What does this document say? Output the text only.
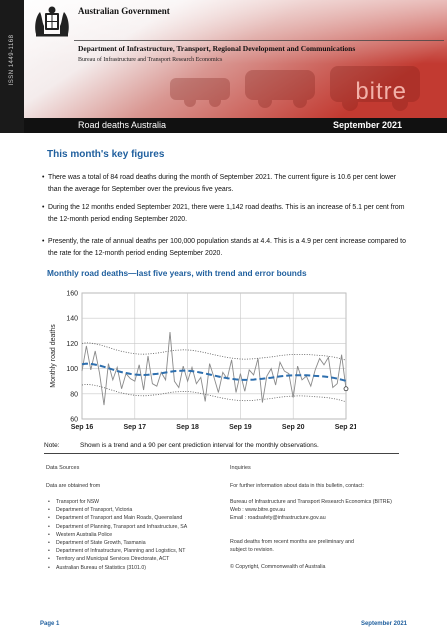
ISSN 1449-1168
Australian Government
Department of Infrastructure, Transport, Regional Development and Communications
Bureau of Infrastructure and Transport Research Economics
bitre
Road deaths Australia	September 2021
This month's key figures
• There was a total of 84 road deaths during the month of September 2021. The current figure is 10.6 per cent lower than the average for September over the previous five years.
• During the 12 months ended September 2021, there were 1,142 road deaths. This is an increase of 5.1 per cent from the 12-month period ending September 2020.
• Presently, the rate of annual deaths per 100,000 population stands at 4.4. This is a 4.9 per cent increase compared to the rate for the 12-month period ending September 2020.
Monthly road deaths—last five years, with trend and error bounds
60
80
100
120
140
160
Sep 16	Sep 17	Sep 18	Sep 19	Sep 20	Sep 21
Monthly road deaths
Note:	Shown is a trend and a 90 per cent prediction interval for the monthly observations.
Data Sources
Data are obtained from
• Transport for NSW
• Department of Transport, Victoria
• Department of Transport and Main Roads, Queensland
• Department of Planning, Transport and Infrastructure, SA
• Western Australia Police
• Department of State Growth, Tasmania
• Department of Infrastructure, Planning and Logistics, NT
• Territory and Municipal Services Directorate, ACT
• Australian Bureau of Statistics (3101.0)
Inquiries
For further information about data in this bulletin, contact:
Bureau of Infrastructure and Transport Research Economics (BITRE)
Web : www.bitre.gov.au
Email : roadsafety@infrastructure.gov.au
Road deaths from recent months are preliminary and
subject to revision.
© Copyright, Commonwealth of Australia
Page 1	September 2021
